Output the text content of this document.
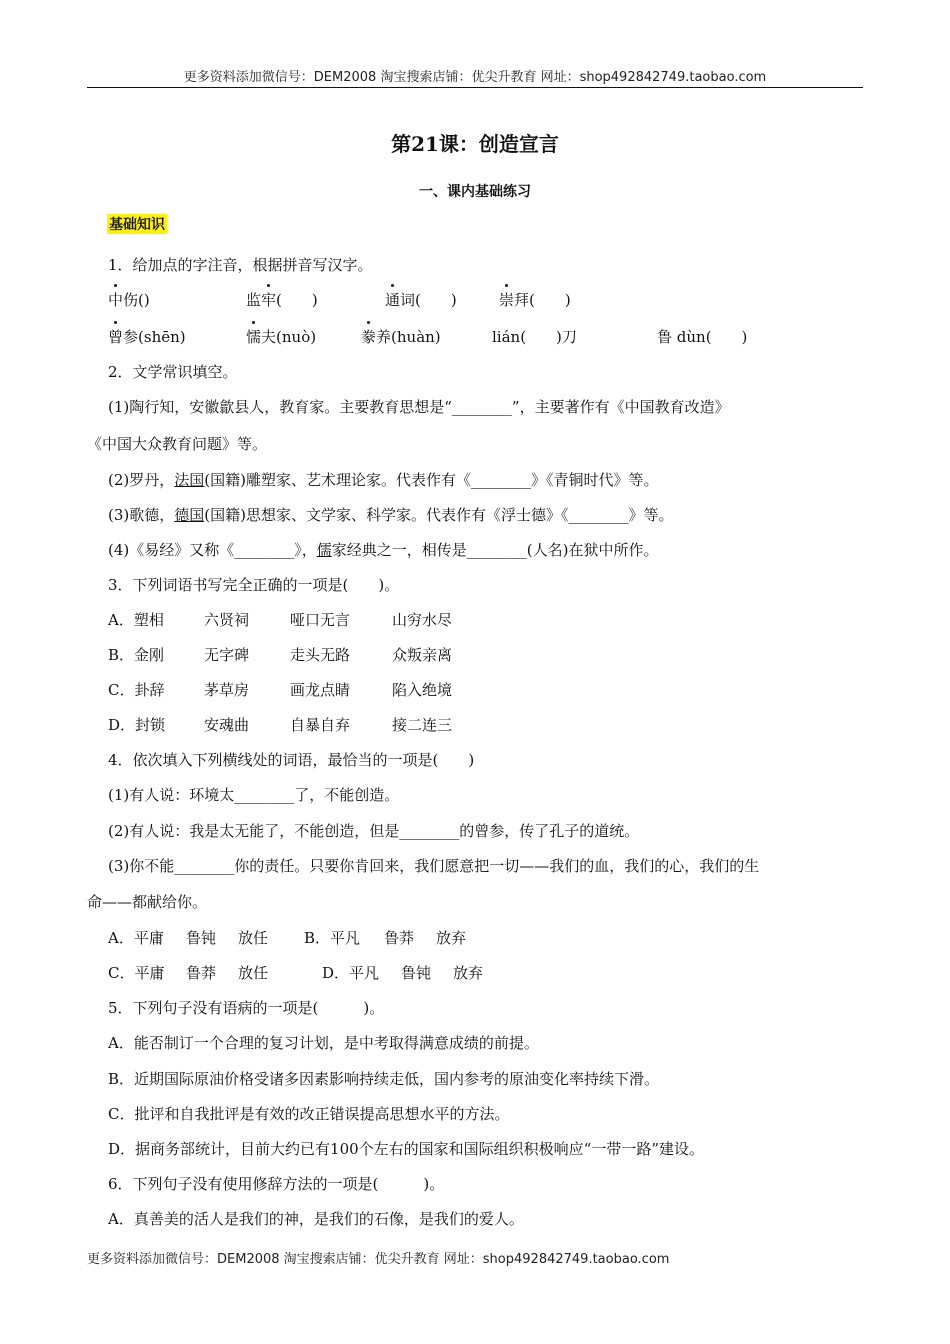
更多资料添加微信号：DEM2008 淘宝搜索店铺：优尖升教育 网址：shop492842749.taobao.com
第21课：创造宣言
一、课内基础练习
基础知识
1．给加点的字注音，根据拼音写汉字。
中伤()	监牢(　　)	通词(　　)	崇拜(　　)
曾参(shēn)	懦夫(nuò)	豢养(huàn)	lián(　　)刀	鲁 dùn(　　)
2．文学常识填空。
(1)陶行知，安徽歙县人，教育家。主要教育思想是“________”，主要著作有《中国教育改造》
《中国大众教育问题》等。
(2)罗丹，法国(国籍)雕塑家、艺术理论家。代表作有《________》《青铜时代》等。
(3)歌德，德国(国籍)思想家、文学家、科学家。代表作有《浮士德》《________》等。
(4)《易经》又称《________》，儒家经典之一，相传是________(人名)在狱中所作。
3．下列词语书写完全正确的一项是(　　)。
A．塑相	六贤祠	哑口无言	山穷水尽
B．金刚	无字碑	走头无路	众叛亲离
C．卦辞	茅草房	画龙点睛	陷入绝境
D．封锁	安魂曲	自暴自弃	接二连三
4．依次填入下列横线处的词语，最恰当的一项是(　　)
(1)有人说：环境太________了，不能创造。
(2)有人说：我是太无能了，不能创造，但是________的曾参，传了孔子的道统。
(3)你不能________你的责任。只要你肯回来，我们愿意把一切——我们的血，我们的心，我们的生
命——都献给你。
A．平庸 鲁钝 放任 B．平凡 鲁莽 放弃
C．平庸 鲁莽 放任	D．平凡 鲁钝 放弃
5．下列句子没有语病的一项是(　　　)。
A．能否制订一个合理的复习计划，是中考取得满意成绩的前提。
B．近期国际原油价格受诸多因素影响持续走低，国内参考的原油变化率持续下滑。
C．批评和自我批评是有效的改正错误提高思想水平的方法。
D．据商务部统计，目前大约已有100个左右的国家和国际组织积极响应“一带一路”建设。
6．下列句子没有使用修辞方法的一项是(　　　)。
A．真善美的活人是我们的神，是我们的石像，是我们的爱人。
更多资料添加微信号：DEM2008 淘宝搜索店铺：优尖升教育 网址：shop492842749.taobao.com
